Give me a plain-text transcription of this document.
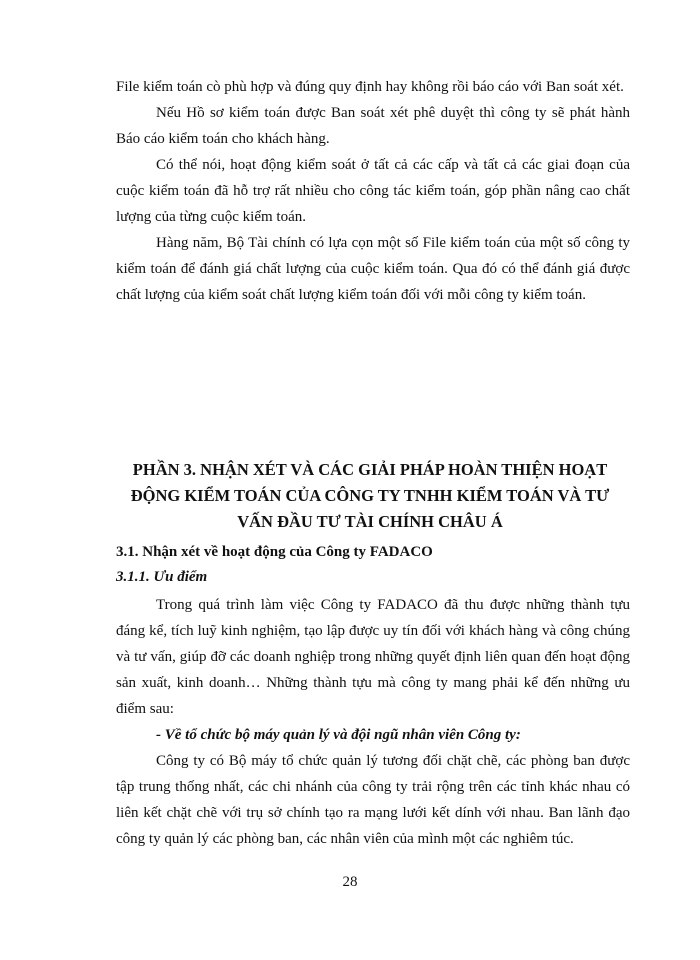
File kiểm toán cò phù hợp và đúng quy định hay không rồi báo cáo với Ban soát xét.

Nếu Hồ sơ kiểm toán được Ban soát xét phê duyệt thì công ty sẽ phát hành Báo cáo kiểm toán cho khách hàng.

Có thể nói, hoạt động kiểm soát ở tất cả các cấp và tất cả các giai đoạn của cuộc kiểm toán đã hỗ trợ rất nhiều cho công tác kiểm toán, góp phần nâng cao chất lượng của từng cuộc kiểm toán.

Hàng năm, Bộ Tài chính có lựa cọn một số File kiểm toán của một số công ty kiểm toán để đánh giá chất lượng của cuộc kiểm toán. Qua đó có thể đánh giá được chất lượng của kiểm soát chất lượng kiểm toán đối với mỗi công ty kiểm toán.

PHẦN 3. NHẬN XÉT VÀ CÁC GIẢI PHÁP HOÀN THIỆN HOẠT ĐỘNG KIỂM TOÁN CỦA CÔNG TY TNHH KIỂM TOÁN VÀ TƯ VẤN ĐẦU TƯ TÀI CHÍNH CHÂU Á

3.1. Nhận xét về hoạt động của Công ty FADACO

3.1.1. Ưu điểm

Trong quá trình làm việc Công ty FADACO đã thu được những thành tựu đáng kể, tích luỹ kinh nghiệm, tạo lập được uy tín đối với khách hàng và công chúng và tư vấn, giúp đỡ các doanh nghiệp trong những quyết định liên quan đến hoạt động sản xuất, kinh doanh… Những thành tựu mà công ty mang phải kể đến những ưu điểm sau:

- Về tổ chức bộ máy quản lý và đội ngũ nhân viên Công ty:

Công ty có Bộ máy tổ chức quản lý tương đối chặt chẽ, các phòng ban được tập trung thống nhất, các chi nhánh của công ty trải rộng trên các tỉnh khác nhau có liên kết chặt chẽ với trụ sở chính tạo ra mạng lưới kết dính với nhau. Ban lãnh đạo công ty quản lý các phòng ban, các nhân viên của mình một các nghiêm túc.

28
